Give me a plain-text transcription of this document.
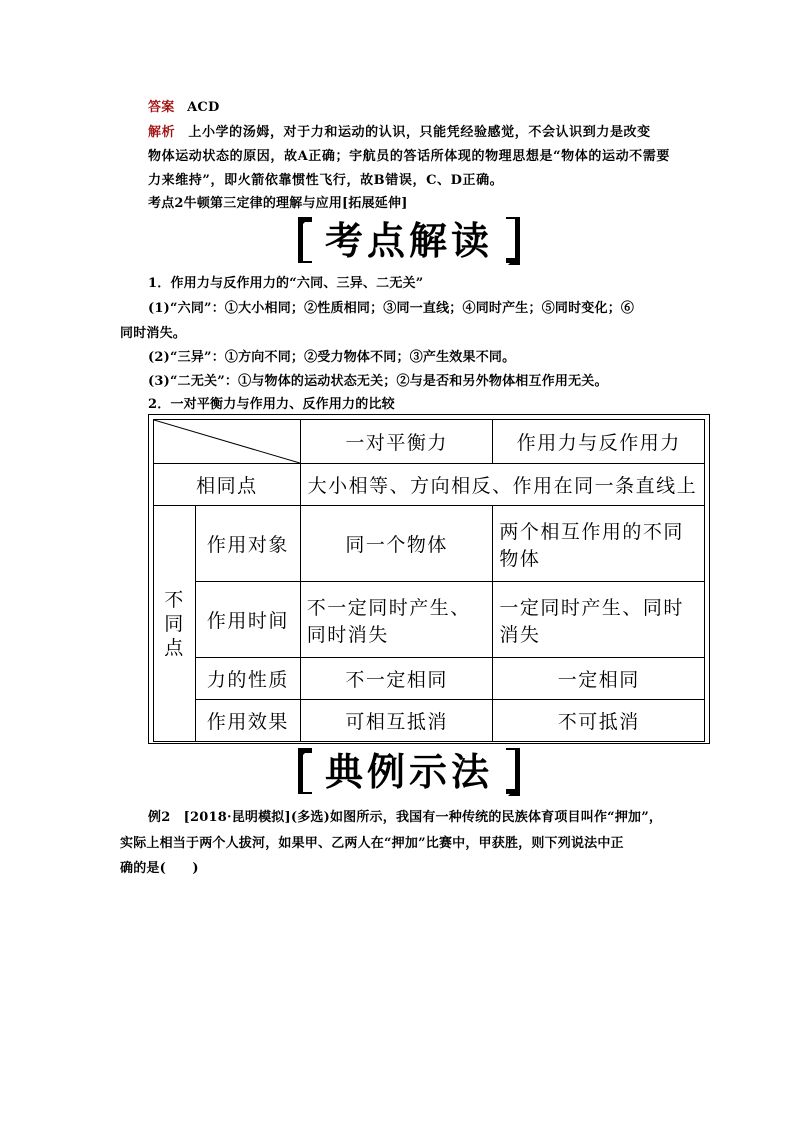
答案 ACD
解析 上小学的汤姆，对于力和运动的认识，只能凭经验感觉，不会认识到力是改变
物体运动状态的原因，故A正确；宇航员的答话所体现的物理思想是“物体的运动不需要
力来维持”，即火箭依靠惯性飞行，故B错误，C、D正确。
考点2牛顿第三定律的理解与应用[拓展延伸]
考点解读
1．作用力与反作用力的“六同、三异、二无关”
(1)“六同”：①大小相同；②性质相同；③同一直线；④同时产生；⑤同时变化；⑥
同时消失。
(2)“三异”：①方向不同；②受力物体不同；③产生效果不同。
(3)“二无关”：①与物体的运动状态无关；②与是否和另外物体相互作用无关。
2．一对平衡力与作用力、反作用力的比较
	一对平衡力	作用力与反作用力
相同点		大小相等、方向相反、作用在同一条直线上	

不
同
点	作用对象	同一个物体	两个相互作用的不同物体
	作用时间	不一定同时产生、同时消失	一定同时产生、同时消失
	力的性质	不一定相同	一定相同
	作用效果	可相互抵消	不可抵消
典例示法
例2　[2018·昆明模拟](多选)如图所示，我国有一种传统的民族体育项目叫作“押加”，
实际上相当于两个人拔河，如果甲、乙两人在“押加”比赛中，甲获胜，则下列说法中正
确的是(　　)
